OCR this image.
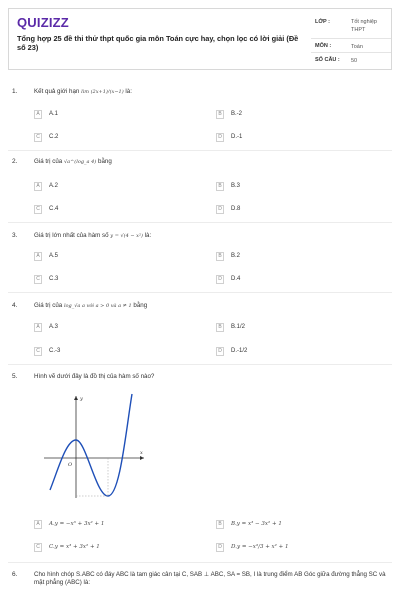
QUIZIZZ
Tổng hợp 25 đề thi thử thpt quốc gia môn Toán cực hay, chọn lọc có lời giải (Đề số 23)
LỚP :	Tốt nghiệp THPT
MÔN :	Toán
SỐ CÂU : 50
1.	Kết quả giới hạn lim (2x+1)/(x−1) là:
A	A.1	B	B.-2
C	C.2	D	D.-1
2.	Giá trị của √a^(log_a 4) bằng
A	A.2	B	B.3
C	C.4	D	D.8
3.	Giá trị lớn nhất của hàm số y = √(4 − x²) là:
A	A.5	B	B.2
C	C.3	D	D.4
4.	Giá trị của log_√a a với a > 0 và a ≠ 1 bằng
A	A.3	B	B.1/2
C	C.-3	D	D.-1/2
5.	Hình vẽ dưới đây là đồ thị của hàm số nào?
y
x
O
A	A.y = −x³ + 3x² + 1	B	B.y = x³ − 3x² + 1
C	C.y = x³ + 3x² + 1	D	D.y = −x³/3 + x² + 1
6.	Cho hình chóp S.ABC có đáy ABC là tam giác cân tại C, SAB ⊥ ABC, SA = SB, I là trung điểm AB Góc giữa đường thẳng SC và mặt phẳng (ABC) là:
